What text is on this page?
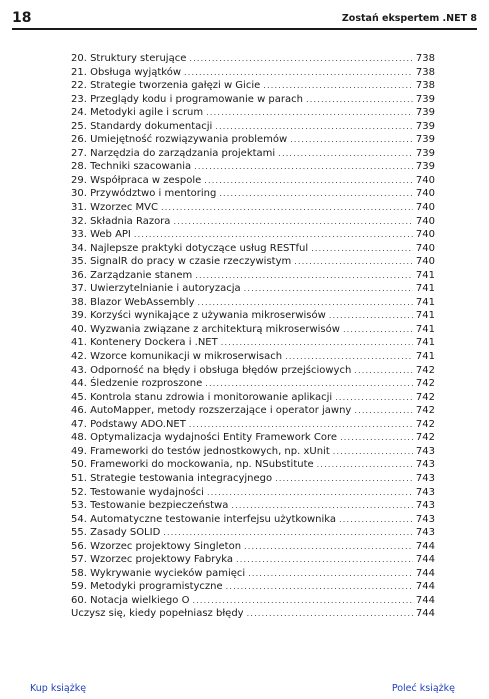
18	Zostań ekspertem .NET 8
20. Struktury sterujące .....	738
21. Obsługa wyjątków .....	738
22. Strategie tworzenia gałęzi w Gicie .....	738
23. Przeglądy kodu i programowanie w parach .....	739
24. Metodyki agile i scrum .....	739
25. Standardy dokumentacji .....	739
26. Umiejętność rozwiązywania problemów .....	739
27. Narzędzia do zarządzania projektami .....	739
28. Techniki szacowania .....	739
29. Współpraca w zespole .....	740
30. Przywództwo i mentoring .....	740
31. Wzorzec MVC .....	740
32. Składnia Razora .....	740
33. Web API .....	740
34. Najlepsze praktyki dotyczące usług RESTful .....	740
35. SignalR do pracy w czasie rzeczywistym .....	740
36. Zarządzanie stanem .....	741
37. Uwierzytelnianie i autoryzacja .....	741
38. Blazor WebAssembly .....	741
39. Korzyści wynikające z używania mikroserwisów .....	741
40. Wyzwania związane z architekturą mikroserwisów .....	741
41. Kontenery Dockera i .NET .....	741
42. Wzorce komunikacji w mikroserwisach .....	741
43. Odporność na błędy i obsługa błędów przejściowych .....	742
44. Śledzenie rozproszone .....	742
45. Kontrola stanu zdrowia i monitorowanie aplikacji .....	742
46. AutoMapper, metody rozszerzające i operator jawny .....	742
47. Podstawy ADO.NET .....	742
48. Optymalizacja wydajności Entity Framework Core .....	742
49. Frameworki do testów jednostkowych, np. xUnit .....	743
50. Frameworki do mockowania, np. NSubstitute .....	743
51. Strategie testowania integracyjnego .....	743
52. Testowanie wydajności .....	743
53. Testowanie bezpieczeństwa .....	743
54. Automatyczne testowanie interfejsu użytkownika .....	743
55. Zasady SOLID .....	743
56. Wzorzec projektowy Singleton .....	744
57. Wzorzec projektowy Fabryka .....	744
58. Wykrywanie wycieków pamięci .....	744
59. Metodyki programistyczne .....	744
60. Notacja wielkiego O .....	744
Uczysz się, kiedy popełniasz błędy .....	744
Kup książkę	Poleć książkę
